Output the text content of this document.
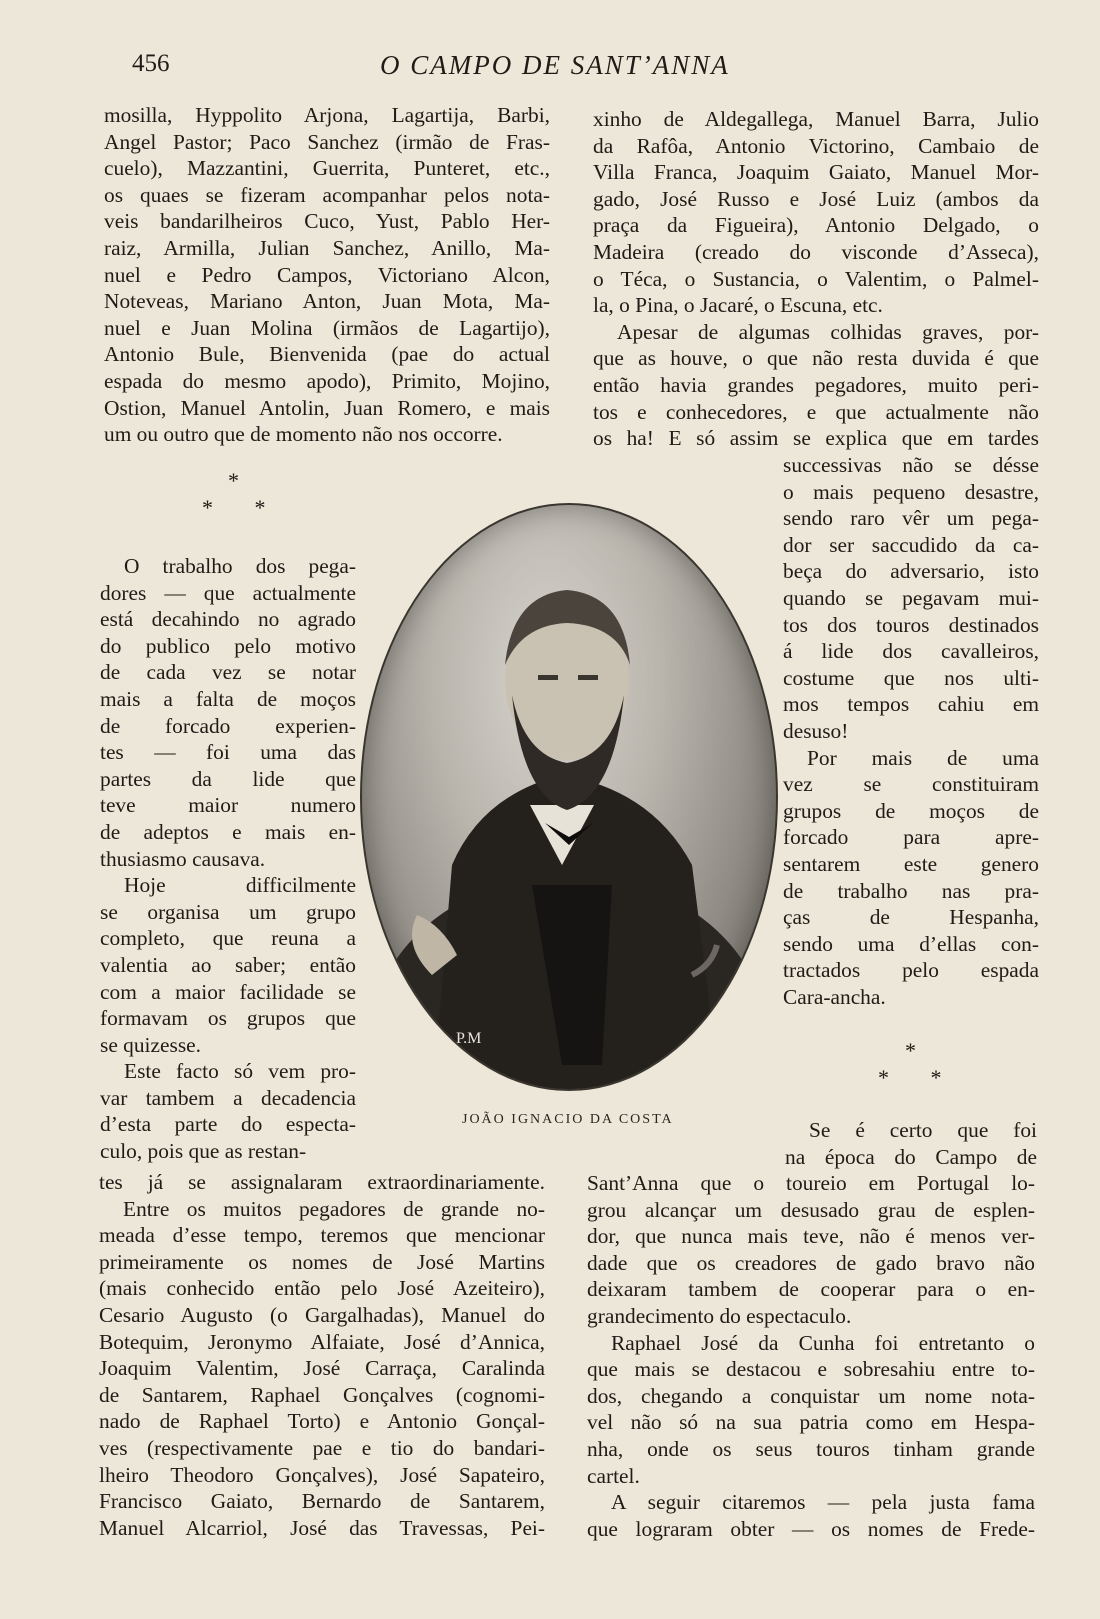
456	O CAMPO DE SANT’ANNA
mosilla, Hyppolito Arjona, Lagartija, Barbi,
Angel Pastor; Paco Sanchez (irmão de Fras-
cuelo), Mazzantini, Guerrita, Punteret, etc.,
os quaes se fizeram acompanhar pelos nota-
veis bandarilheiros Cuco, Yust, Pablo Her-
raiz, Armilla, Julian Sanchez, Anillo, Ma-
nuel e Pedro Campos, Victoriano Alcon,
Noteveas, Mariano Anton, Juan Mota, Ma-
nuel e Juan Molina (irmãos de Lagartijo),
Antonio Bule, Bienvenida (pae do actual
espada do mesmo apodo), Primito, Mojino,
Ostion, Manuel Antolin, Juan Romero, e mais
um ou outro que de momento não nos occorre.
*
* *
O trabalho dos pega-
dores — que actualmente
está decahindo no agrado
do publico pelo motivo
de cada vez se notar
mais a falta de moços
de forcado experien-
tes — foi uma das
partes da lide que
teve maior numero
de adeptos e mais en-
thusiasmo causava.
Hoje difficilmente
se organisa um grupo
completo, que reuna a
valentia ao saber; então
com a maior facilidade se
formavam os grupos que
se quizesse.
Este facto só vem pro-
var tambem a decadencia
d’esta parte do especta-
culo, pois que as restan-
tes já se assignalaram extraordinariamente.
Entre os muitos pegadores de grande no-
meada d’esse tempo, teremos que mencionar
primeiramente os nomes de José Martins
(mais conhecido então pelo José Azeiteiro),
Cesario Augusto (o Gargalhadas), Manuel do
Botequim, Jeronymo Alfaiate, José d’Annica,
Joaquim Valentim, José Carraça, Caralinda
de Santarem, Raphael Gonçalves (cognomi-
nado de Raphael Torto) e Antonio Gonçal-
ves (respectivamente pae e tio do bandari-
lheiro Theodoro Gonçalves), José Sapateiro,
Francisco Gaiato, Bernardo de Santarem,
Manuel Alcarriol, José das Travessas, Pei-
xinho de Aldegallega, Manuel Barra, Julio
da Rafôa, Antonio Victorino, Cambaio de
Villa Franca, Joaquim Gaiato, Manuel Mor-
gado, José Russo e José Luiz (ambos da
praça da Figueira), Antonio Delgado, o
Madeira (creado do visconde d’Asseca),
o Téca, o Sustancia, o Valentim, o Palmel-
la, o Pina, o Jacaré, o Escuna, etc.
Apesar de algumas colhidas graves, por-
que as houve, o que não resta duvida é que
então havia grandes pegadores, muito peri-
tos e conhecedores, e que actualmente não
os ha! E só assim se explica que em tardes
successivas não se désse
o mais pequeno desastre,
sendo raro vêr um pega-
dor ser saccudido da ca-
beça do adversario, isto
quando se pegavam mui-
tos dos touros destinados
á lide dos cavalleiros,
costume que nos ulti-
mos tempos cahiu em
desuso!
Por mais de uma
vez se constituiram
grupos de moços de
forcado para apre-
sentarem este genero
de trabalho nas pra-
ças de Hespanha,
sendo uma d’ellas con-
tractados pelo espada
Cara-ancha.
*
* *
Se é certo que foi
na época do Campo de
Sant’Anna que o toureio em Portugal lo-
grou alcançar um desusado grau de esplen-
dor, que nunca mais teve, não é menos ver-
dade que os creadores de gado bravo não
deixaram tambem de cooperar para o en-
grandecimento do espectaculo.
Raphael José da Cunha foi entretanto o
que mais se destacou e sobresahiu entre to-
dos, chegando a conquistar um nome nota-
vel não só na sua patria como em Hespa-
nha, onde os seus touros tinham grande
cartel.
A seguir citaremos — pela justa fama
que lograram obter — os nomes de Frede-
P.M
JOÃO IGNACIO DA COSTA
